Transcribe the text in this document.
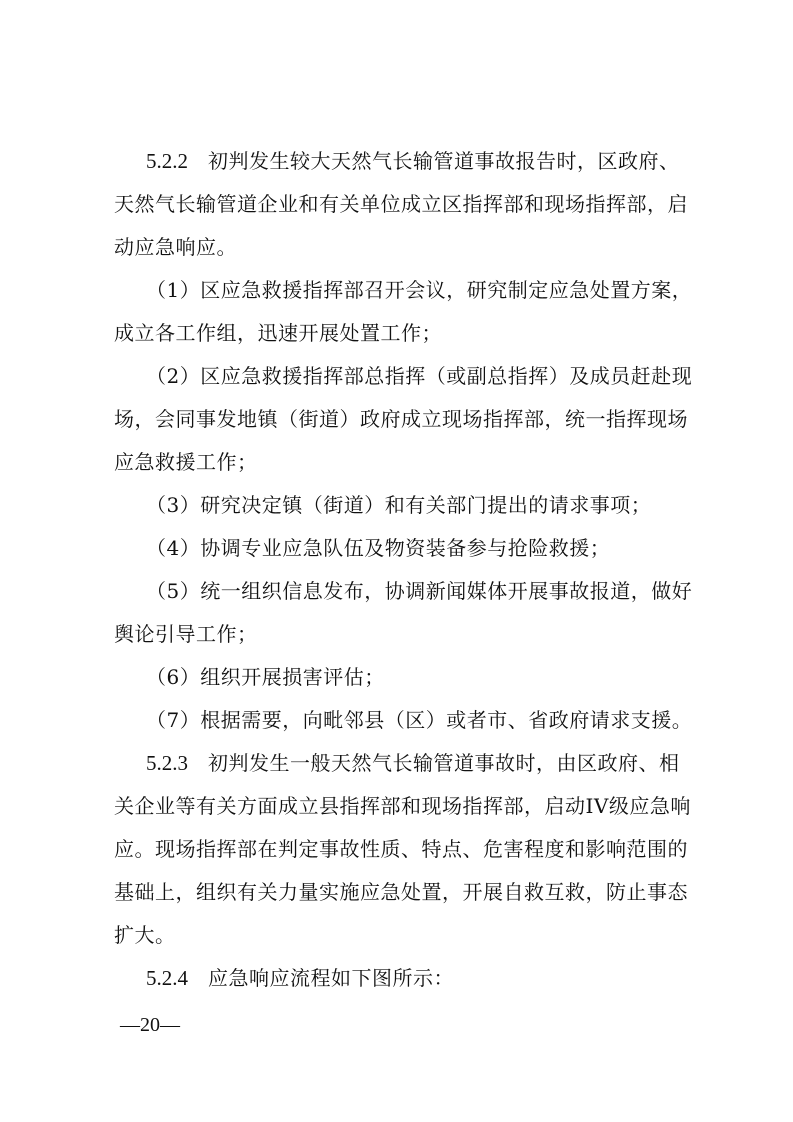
5.2.2 初判发生较大天然气长输管道事故报告时，区政府、
天然气长输管道企业和有关单位成立区指挥部和现场指挥部，启
动应急响应。
（1）区应急救援指挥部召开会议，研究制定应急处置方案，
成立各工作组，迅速开展处置工作；
（2）区应急救援指挥部总指挥（或副总指挥）及成员赶赴现
场，会同事发地镇（街道）政府成立现场指挥部，统一指挥现场
应急救援工作；
（3）研究决定镇（街道）和有关部门提出的请求事项；
（4）协调专业应急队伍及物资装备参与抢险救援；
（5）统一组织信息发布，协调新闻媒体开展事故报道，做好
舆论引导工作；
（6）组织开展损害评估；
（7）根据需要，向毗邻县（区）或者市、省政府请求支援。
5.2.3 初判发生一般天然气长输管道事故时，由区政府、相
关企业等有关方面成立县指挥部和现场指挥部，启动IV级应急响
应。现场指挥部在判定事故性质、特点、危害程度和影响范围的
基础上，组织有关力量实施应急处置，开展自救互救，防止事态
扩大。
5.2.4 应急响应流程如下图所示：
—20—
